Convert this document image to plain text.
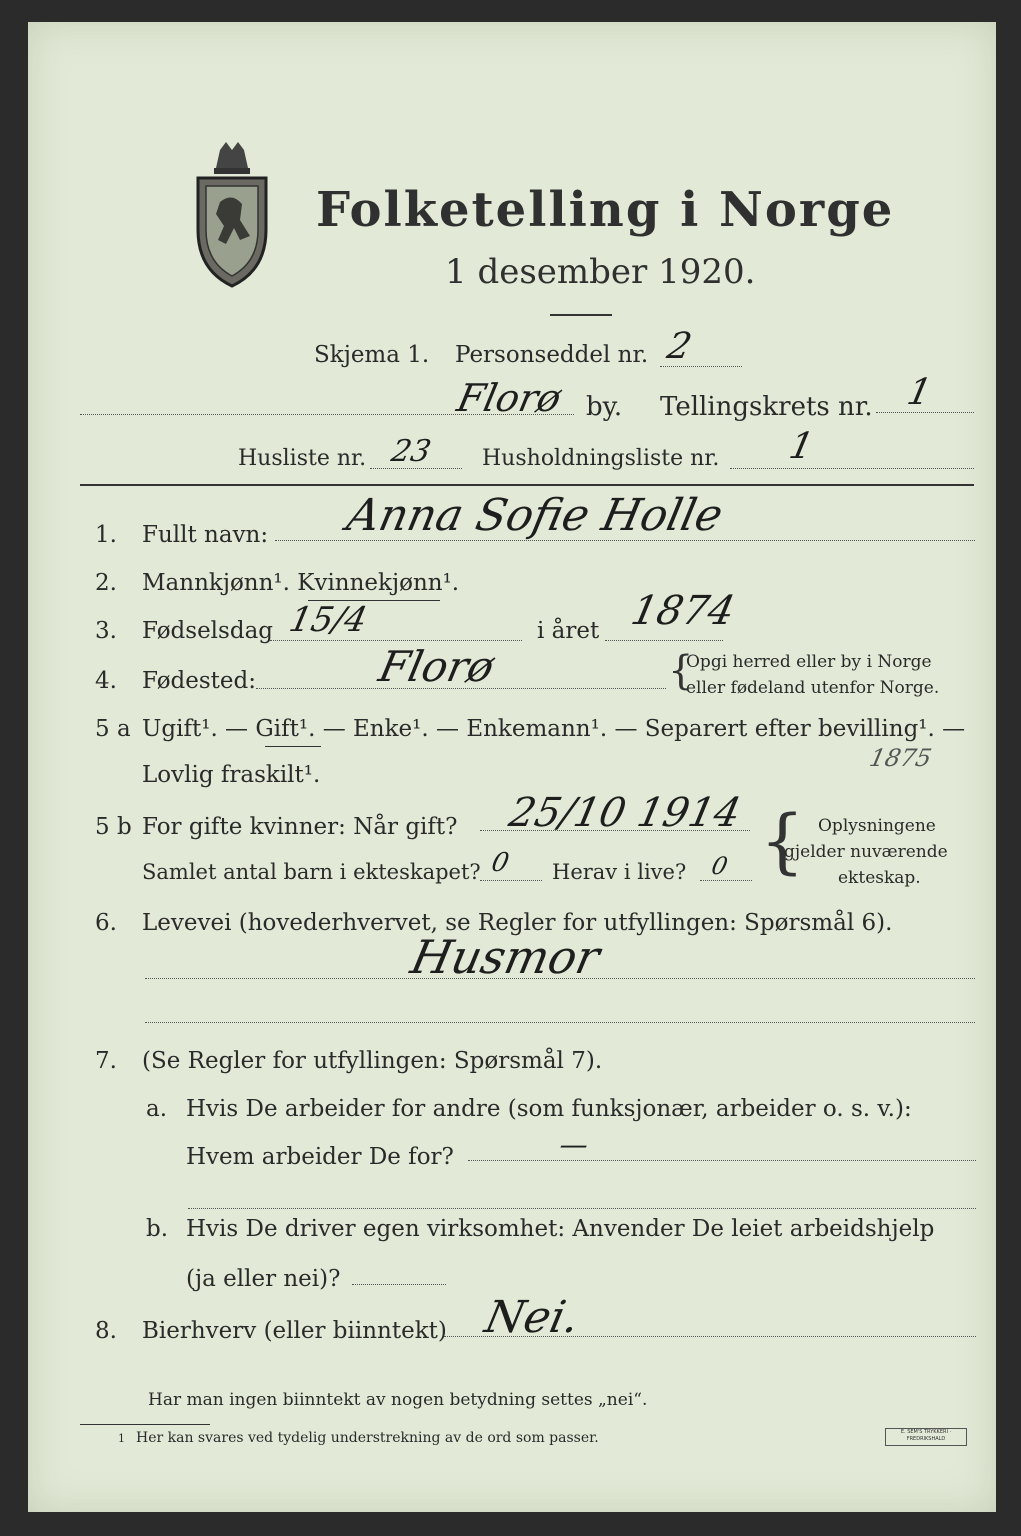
Folketelling i Norge
1 desember 1920.
Skjema 1. Personseddel nr. 2
Florø by. Tellingskrets nr. 1
Husliste nr. 23 Husholdningsliste nr. 1
1. Fullt navn: Anna Sofie Holle
2. Mannkjønn¹. Kvinnekjønn¹.
3. Fødselsdag 15/4	i året 1874
4. Fødested:	Florø	{
Opgi herred eller by i Norge
eller fødeland utenfor Norge.
5 a Ugift¹. — Gift¹. — Enke¹. — Enkemann¹. — Separert efter bevilling¹. —
Lovlig fraskilt¹.
1875
5 b For gifte kvinner: Når gift? 25/10 1914
Samlet antal barn i ekteskapet? 0 Herav i live? 0 { Oplysningene
gjelder nuværende
ekteskap.
6. Levevei (hovederhvervet, se Regler for utfyllingen: Spørsmål 6).
Husmor
7. (Se Regler for utfyllingen: Spørsmål 7).
a. Hvis De arbeider for andre (som funksjonær, arbeider o. s. v.):
Hvem arbeider De for?	—
b. Hvis De driver egen virksomhet: Anvender De leiet arbeidshjelp
(ja eller nei)?
8. Bierhverv (eller biinntekt) Nei.
Har man ingen biinntekt av nogen betydning settes „nei“.
1 Her kan svares ved tydelig understrekning av de ord som passer.	E. SEM'S TRYKKERI · FREDRIKSHALD
